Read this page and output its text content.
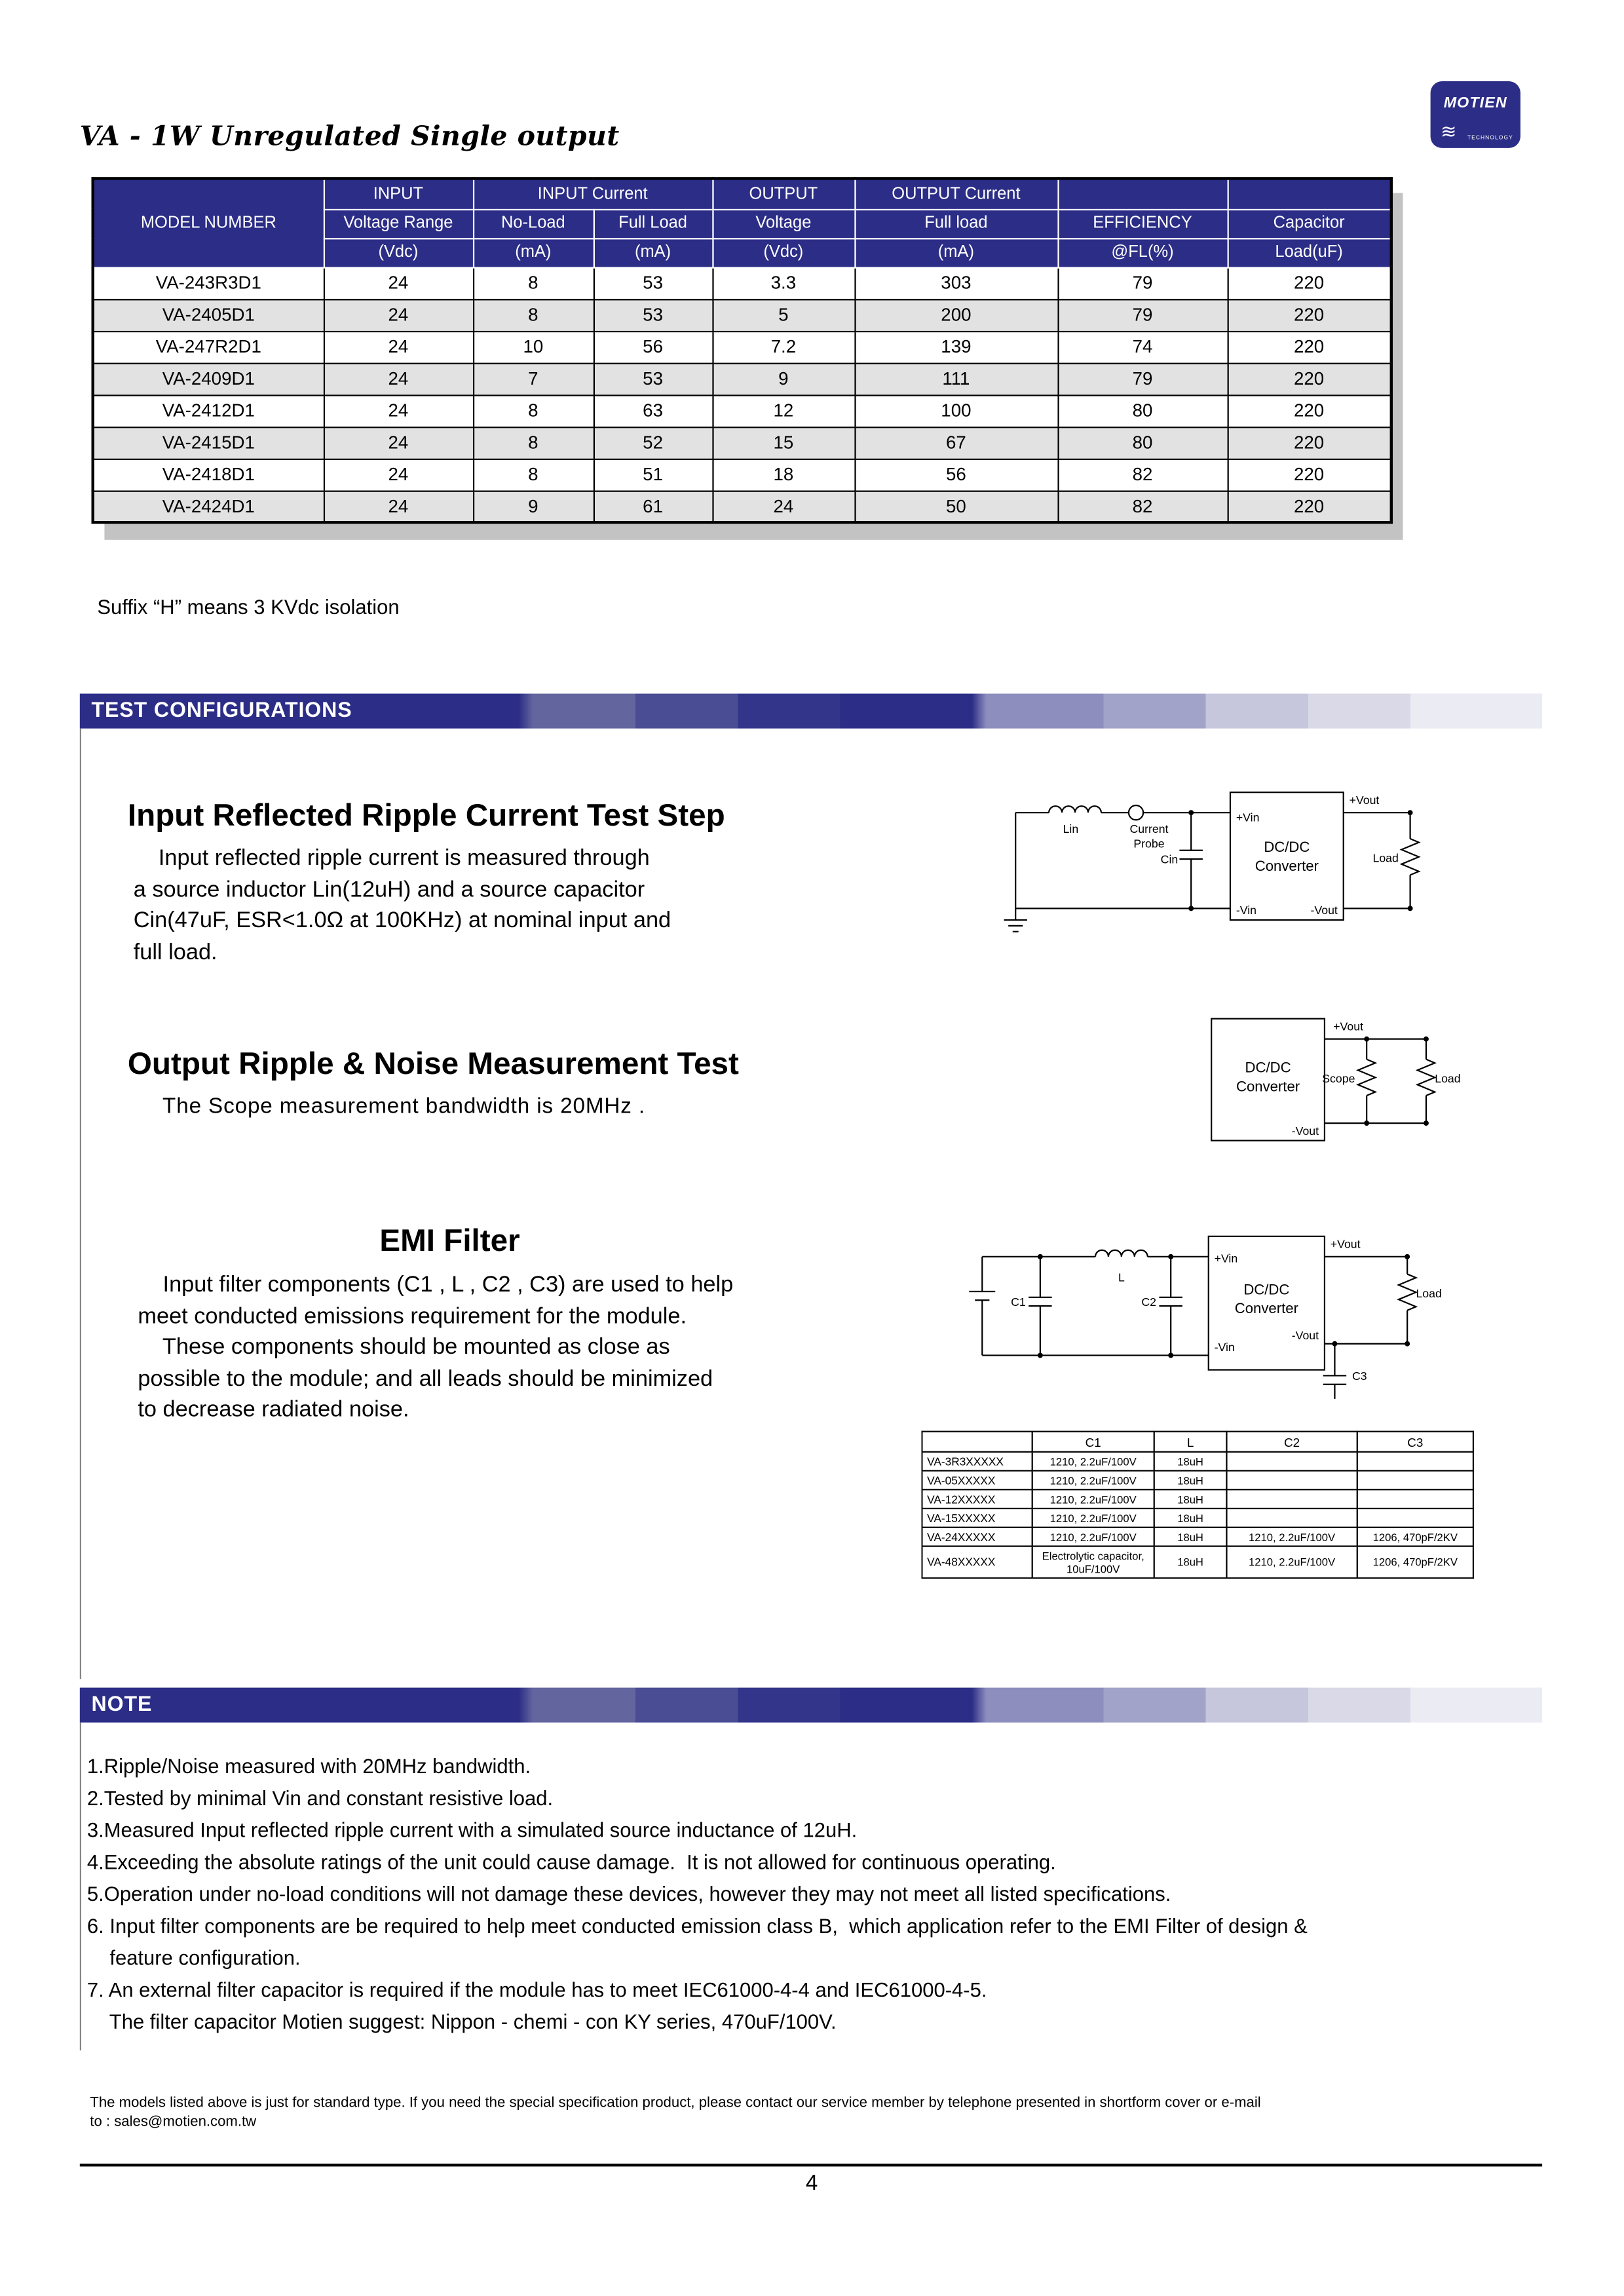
VA - 1W Unregulated Single output
MOTIEN
≋	TECHNOLOGY
MODEL NUMBER	INPUT	INPUT Current		OUTPUT	OUTPUT Current		
	Voltage Range	No-Load	Full Load	Voltage	Full load	EFFICIENCY	Capacitor
	(Vdc)	(mA)	(mA)	(Vdc)	(mA)	@FL(%)	Load(uF)
VA-243R3D1	24	8	53	3.3	303	79	220
VA-2405D1	24	8	53	5	200	79	220
VA-247R2D1	24	10	56	7.2	139	74	220
VA-2409D1	24	7	53	9	111	79	220
VA-2412D1	24	8	63	12	100	80	220
VA-2415D1	24	8	52	15	67	80	220
VA-2418D1	24	8	51	18	56	82	220
VA-2424D1	24	9	61	24	50	82	220
Suffix “H” means 3 KVdc isolation
TEST CONFIGURATIONS
Input Reflected Ripple Current Test Step
Input reflected ripple current is measured through
a source inductor Lin(12uH) and a source capacitor
Cin(47uF, ESR<1.0Ω at 100KHz) at nominal input and
full load.
Lin	Current
Probe
Cin
+Vin
-Vin
+Vout
-Vout
DC/DC
Converter	Load
Output Ripple & Noise Measurement Test
The Scope measurement bandwidth is 20MHz .
+Vout
-Vout
DC/DC
Converter	Scope	Load
EMI Filter
Input filter components (C1 , L , C2 , C3) are used to help
meet conducted emissions requirement for the module.
These components should be mounted as close as
possible to the module; and all leads should be minimized
to decrease radiated noise.
C1
L
C2
C3
+Vin
-Vin
+Vout
-Vout
DC/DC
Converter
Load
	C1	L	C2	C3
VA-3R3XXXXX	1210, 2.2uF/100V	18uH		
VA-05XXXXX	1210, 2.2uF/100V	18uH		
VA-12XXXXX	1210, 2.2uF/100V	18uH		
VA-15XXXXX	1210, 2.2uF/100V	18uH		
VA-24XXXXX	1210, 2.2uF/100V	18uH	1210, 2.2uF/100V	1206, 470pF/2KV
VA-48XXXXX	Electrolytic capacitor, 10uF/100V	18uH	1210, 2.2uF/100V	1206, 470pF/2KV
NOTE
1.Ripple/Noise measured with 20MHz bandwidth.
2.Tested by minimal Vin and constant resistive load.
3.Measured Input reflected ripple current with a simulated source inductance of 12uH.
4.Exceeding the absolute ratings of the unit could cause damage.  It is not allowed for continuous operating.
5.Operation under no-load conditions will not damage these devices, however they may not meet all listed specifications.
6. Input filter components are be required to help meet conducted emission class B,  which application refer to the EMI Filter of design &
feature configuration.
7. An external filter capacitor is required if the module has to meet IEC61000-4-4 and IEC61000-4-5.
The filter capacitor Motien suggest: Nippon - chemi - con KY series, 470uF/100V.
The models listed above is just for standard type. If you need the special specification product, please contact our service member by telephone presented in shortform cover or e-mail
to : sales@motien.com.tw
4
